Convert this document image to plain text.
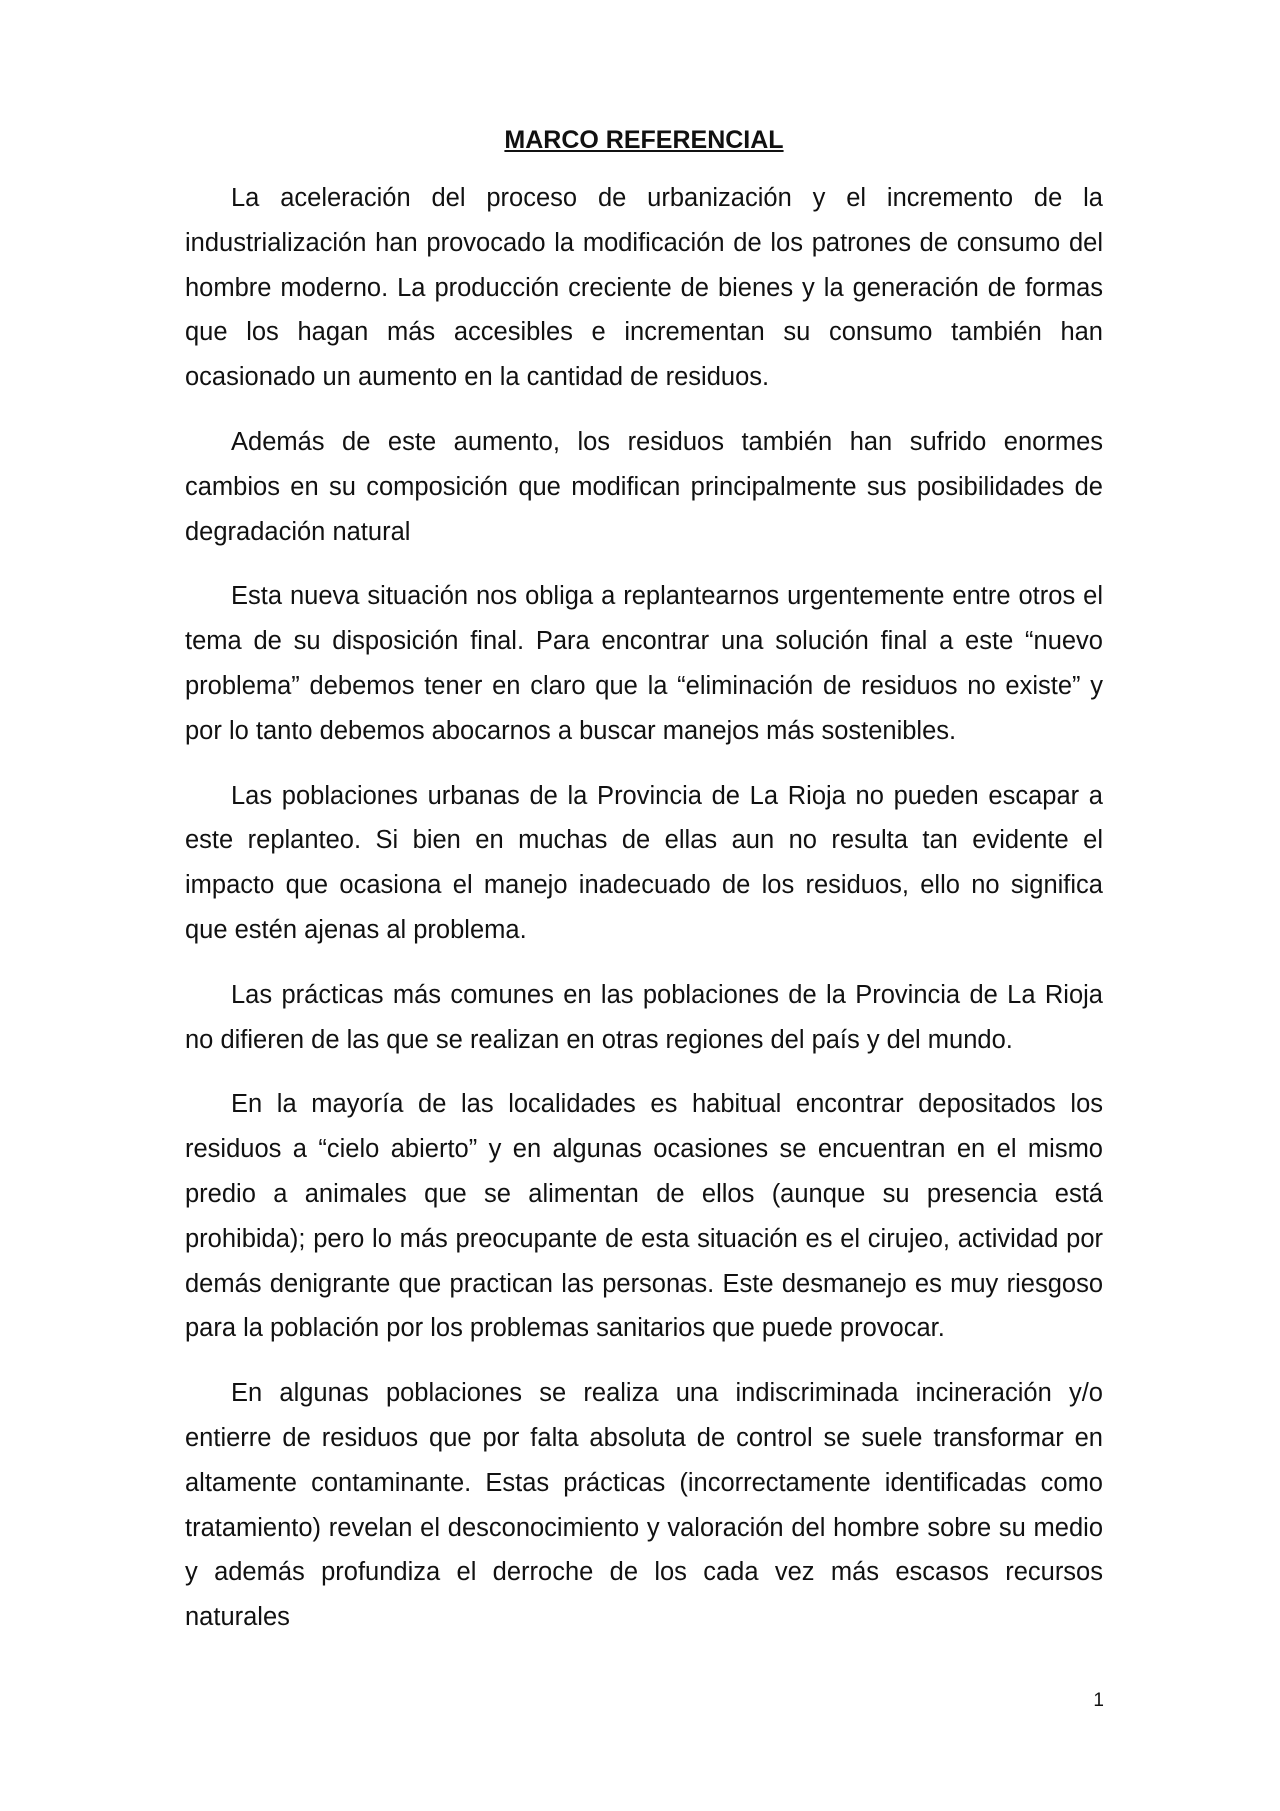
MARCO REFERENCIAL

La aceleración del proceso de urbanización y el incremento de la industrialización han provocado la modificación de los patrones de consumo del hombre moderno. La producción creciente de bienes y la generación de formas que los hagan más accesibles e incrementan su consumo también han ocasionado un aumento en la cantidad de residuos.

Además de este aumento, los residuos también han sufrido enormes cambios en su composición que modifican principalmente sus posibilidades de degradación natural

Esta nueva situación nos obliga a replantearnos urgentemente entre otros el tema de su disposición final. Para encontrar una solución final a este “nuevo problema” debemos tener en claro que la “eliminación de residuos no existe” y por lo tanto debemos abocarnos a buscar manejos más sostenibles.

Las poblaciones urbanas de la Provincia de La Rioja no pueden escapar a este replanteo. Si bien en muchas de ellas aun no resulta tan evidente el impacto que ocasiona el manejo inadecuado de los residuos, ello no significa que estén ajenas al problema.

Las prácticas más comunes en las poblaciones de la Provincia de La Rioja no difieren de las que se realizan en otras regiones del país y del mundo.

En la mayoría de las localidades es habitual encontrar depositados los residuos a “cielo abierto” y en algunas ocasiones se encuentran en el mismo predio a animales que se alimentan de ellos (aunque su presencia está prohibida); pero lo más preocupante de esta situación es el cirujeo, actividad por demás denigrante que practican las personas. Este desmanejo es muy riesgoso para la población por los problemas sanitarios que puede provocar.

En algunas poblaciones se realiza una indiscriminada incineración y/o entierre de residuos que por falta absoluta de control se suele transformar en altamente contaminante. Estas prácticas (incorrectamente identificadas como tratamiento) revelan el desconocimiento y valoración del hombre sobre su medio y además profundiza el derroche de los cada vez más escasos recursos naturales

1
